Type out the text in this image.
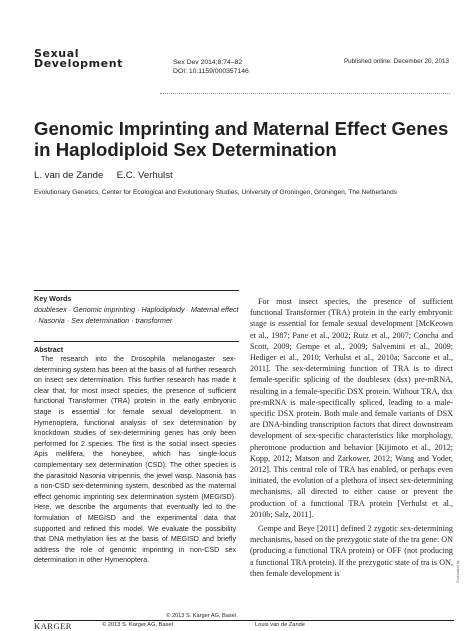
Sexual
Development	Sex Dev 2014;8:74–82
DOI: 10.1159/000357146
Published online: December 20, 2013
Genomic Imprinting and Maternal Effect Genes in Haplodiploid Sex Determination
L. van de Zande     E.C. Verhulst
Evolutionary Genetics, Center for Ecological and Evolutionary Studies, University of Groningen, Groningen, The Netherlands
Key Words
doublesex · Genomic imprinting · Haplodiploidy · Maternal effect · Nasonia · Sex determination · transformer
Abstract

The research into the Drosophila melanogaster sex-determining system has been at the basis of all further research on insect sex determination. This further research has made it clear that, for most insect species, the presence of sufficient functional Transformer (TRA) protein in the early embryonic stage is essential for female sexual development. In Hymenoptera, functional analysis of sex determination by knockdown studies of sex-determining genes has only been performed for 2 species. The first is the social insect species Apis mellifera, the honeybee, which has single-locus complementary sex determination (CSD). The other species is the parasitoid Nasonia vitripennis, the jewel wasp. Nasonia has a non-CSD sex-determining system, described as the maternal effect genomic imprinting sex determination system (MEGISD). Here, we describe the arguments that eventually led to the formulation of MEGISD and the experimental data that supported and refined this model. We evaluate the possibility that DNA methylation lies at the basis of MEGISD and briefly address the role of genomic imprinting in non-CSD sex determination in other Hymenoptera.

© 2013 S. Karger AG, Basel

For most insect species, the presence of sufficient functional Transformer (TRA) protein in the early embryonic stage is essential for female sexual development [McKeown et al., 1987; Pane et al., 2002; Ruiz et al., 2007; Concha and Scott, 2009; Gempe et al., 2009; Salvemini et al., 2009; Hediger et al., 2010; Verhulst et al., 2010a; Saccone et al., 2011]. The sex-determining function of TRA is to direct female-specific splicing of the doublesex (dsx) pre-mRNA, resulting in a female-specific DSX protein. Without TRA, dsx pre-mRNA is male-specifically spliced, leading to a male-specific DSX protein. Both male and female variants of DSX are DNA-binding transcription factors that direct downstream development of sex-specific characteristics like morphology, pheromone production and behavior [Kijimoto et al., 2012; Kopp, 2012; Matson and Zarkower, 2012; Wang and Yoder, 2012]. This central role of TRA has enabled, or perhaps even initiated, the evolution of a plethora of insect sex-determining mechanisms, all directed to either cause or prevent the production of a functional TRA protein [Verhulst et al., 2010b; Salz, 2011].

Gempe and Beye [2011] defined 2 zygotic sex-determining mechanisms, based on the prezygotic state of the tra gene: ON (producing a functional TRA protein) or OFF (not producing a functional TRA protein). If the prezygotic state of tra is ON, then female development is

KARGER	© 2013 S. Karger AG, Basel	Louis van de Zande
Downloaded by:
